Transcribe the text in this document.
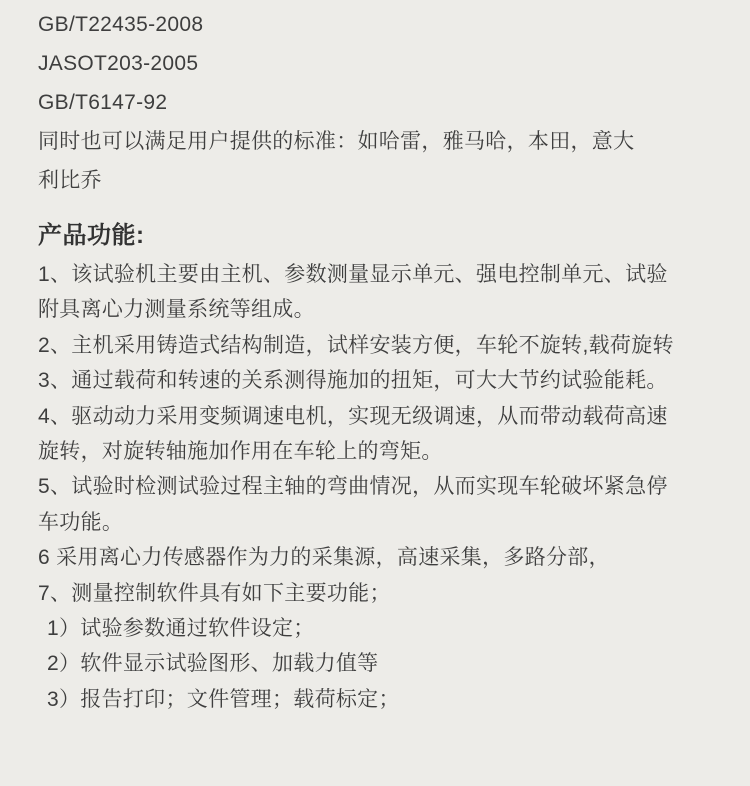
GB/T22435-2008
JASOT203-2005
GB/T6147-92
同时也可以满足用户提供的标准：如哈雷，雅马哈，本田，意大
利比乔
产品功能:
1、该试验机主要由主机、参数测量显示单元、强电控制单元、试验
附具离心力测量系统等组成。
2、主机采用铸造式结构制造，试样安装方便，车轮不旋转,载荷旋转
3、通过载荷和转速的关系测得施加的扭矩，可大大节约试验能耗。
4、驱动动力采用变频调速电机，实现无级调速，从而带动载荷高速
旋转，对旋转轴施加作用在车轮上的弯矩。
5、试验时检测试验过程主轴的弯曲情况，从而实现车轮破坏紧急停
车功能。
6 采用离心力传感器作为力的采集源，高速采集，多路分部，
7、测量控制软件具有如下主要功能；
1）试验参数通过软件设定；
2）软件显示试验图形、加载力值等
3）报告打印；文件管理；载荷标定；
